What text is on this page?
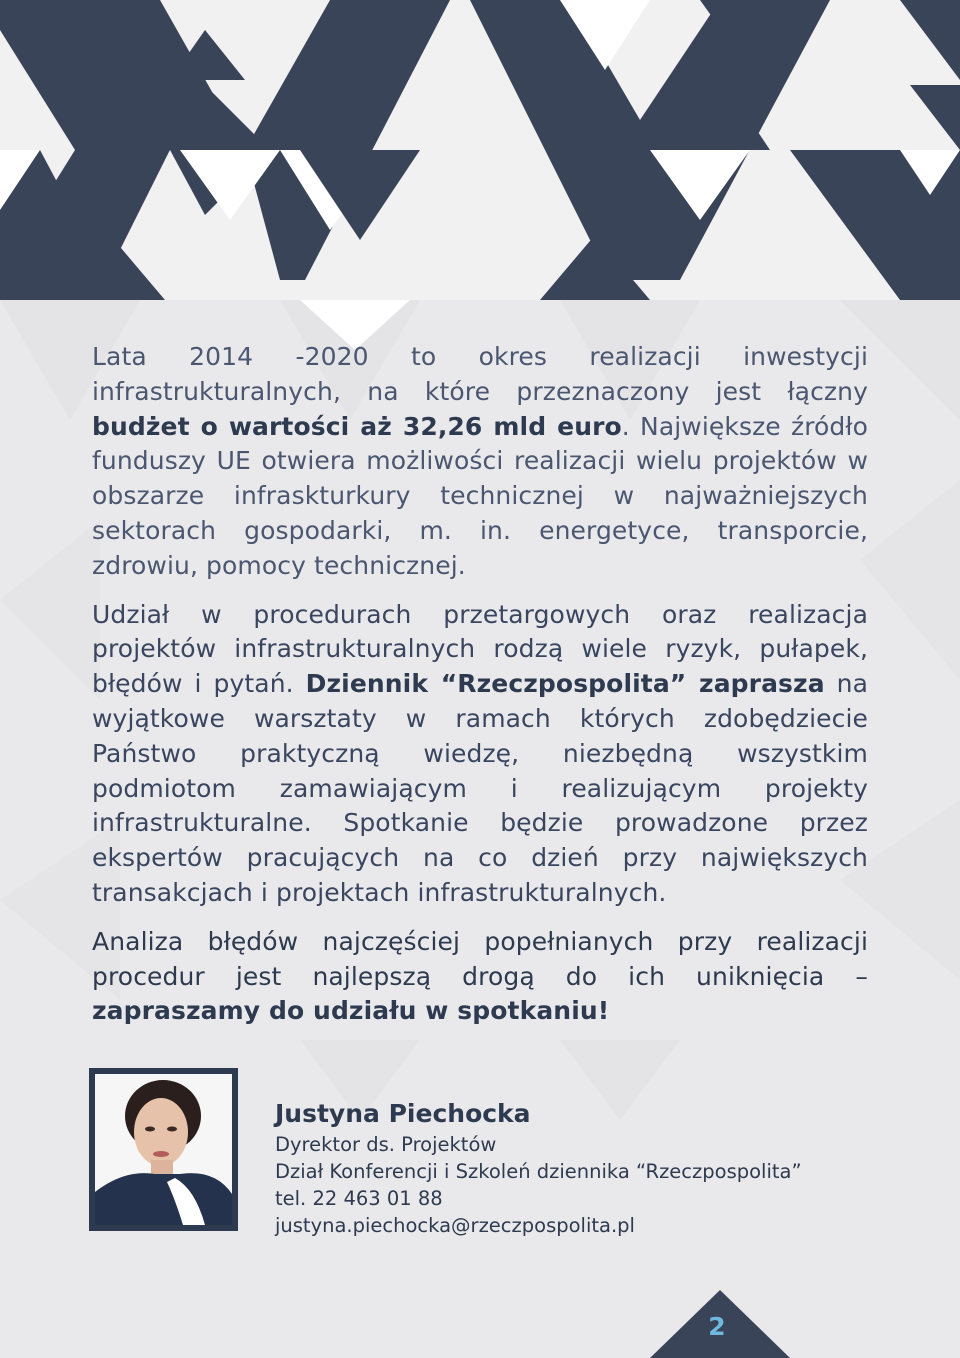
Lata 2014 -2020 to okres realizacji inwestycji infrastrukturalnych, na które przeznaczony jest łączny budżet o wartości aż 32,26 mld euro. Największe źródło funduszy UE otwiera możliwości realizacji wielu projektów w obszarze infraskturkury technicznej w najważniejszych sektorach gospodarki, m. in. energetyce, transporcie, zdrowiu, pomocy technicznej.

Udział w procedurach przetargowych oraz realizacja projektów infrastrukturalnych rodzą wiele ryzyk, pułapek, błędów i pytań. Dziennik “Rzeczpospolita” zaprasza na wyjątkowe warsztaty w ramach których zdobędziecie Państwo praktyczną wiedzę, niezbędną wszystkim podmiotom zamawiającym i realizującym projekty infrastrukturalne. Spotkanie będzie prowadzone przez ekspertów pracujących na co dzień przy największych transakcjach i projektach infrastrukturalnych.

Analiza błędów najczęściej popełnianych przy realizacji procedur jest najlepszą drogą do ich uniknięcia – zapraszamy do udziału w spotkaniu!

Justyna Piechocka
Dyrektor ds. Projektów
Dział Konferencji i Szkoleń dziennika “Rzeczpospolita”
tel. 22 463 01 88
justyna.piechocka@rzeczpospolita.pl
2
